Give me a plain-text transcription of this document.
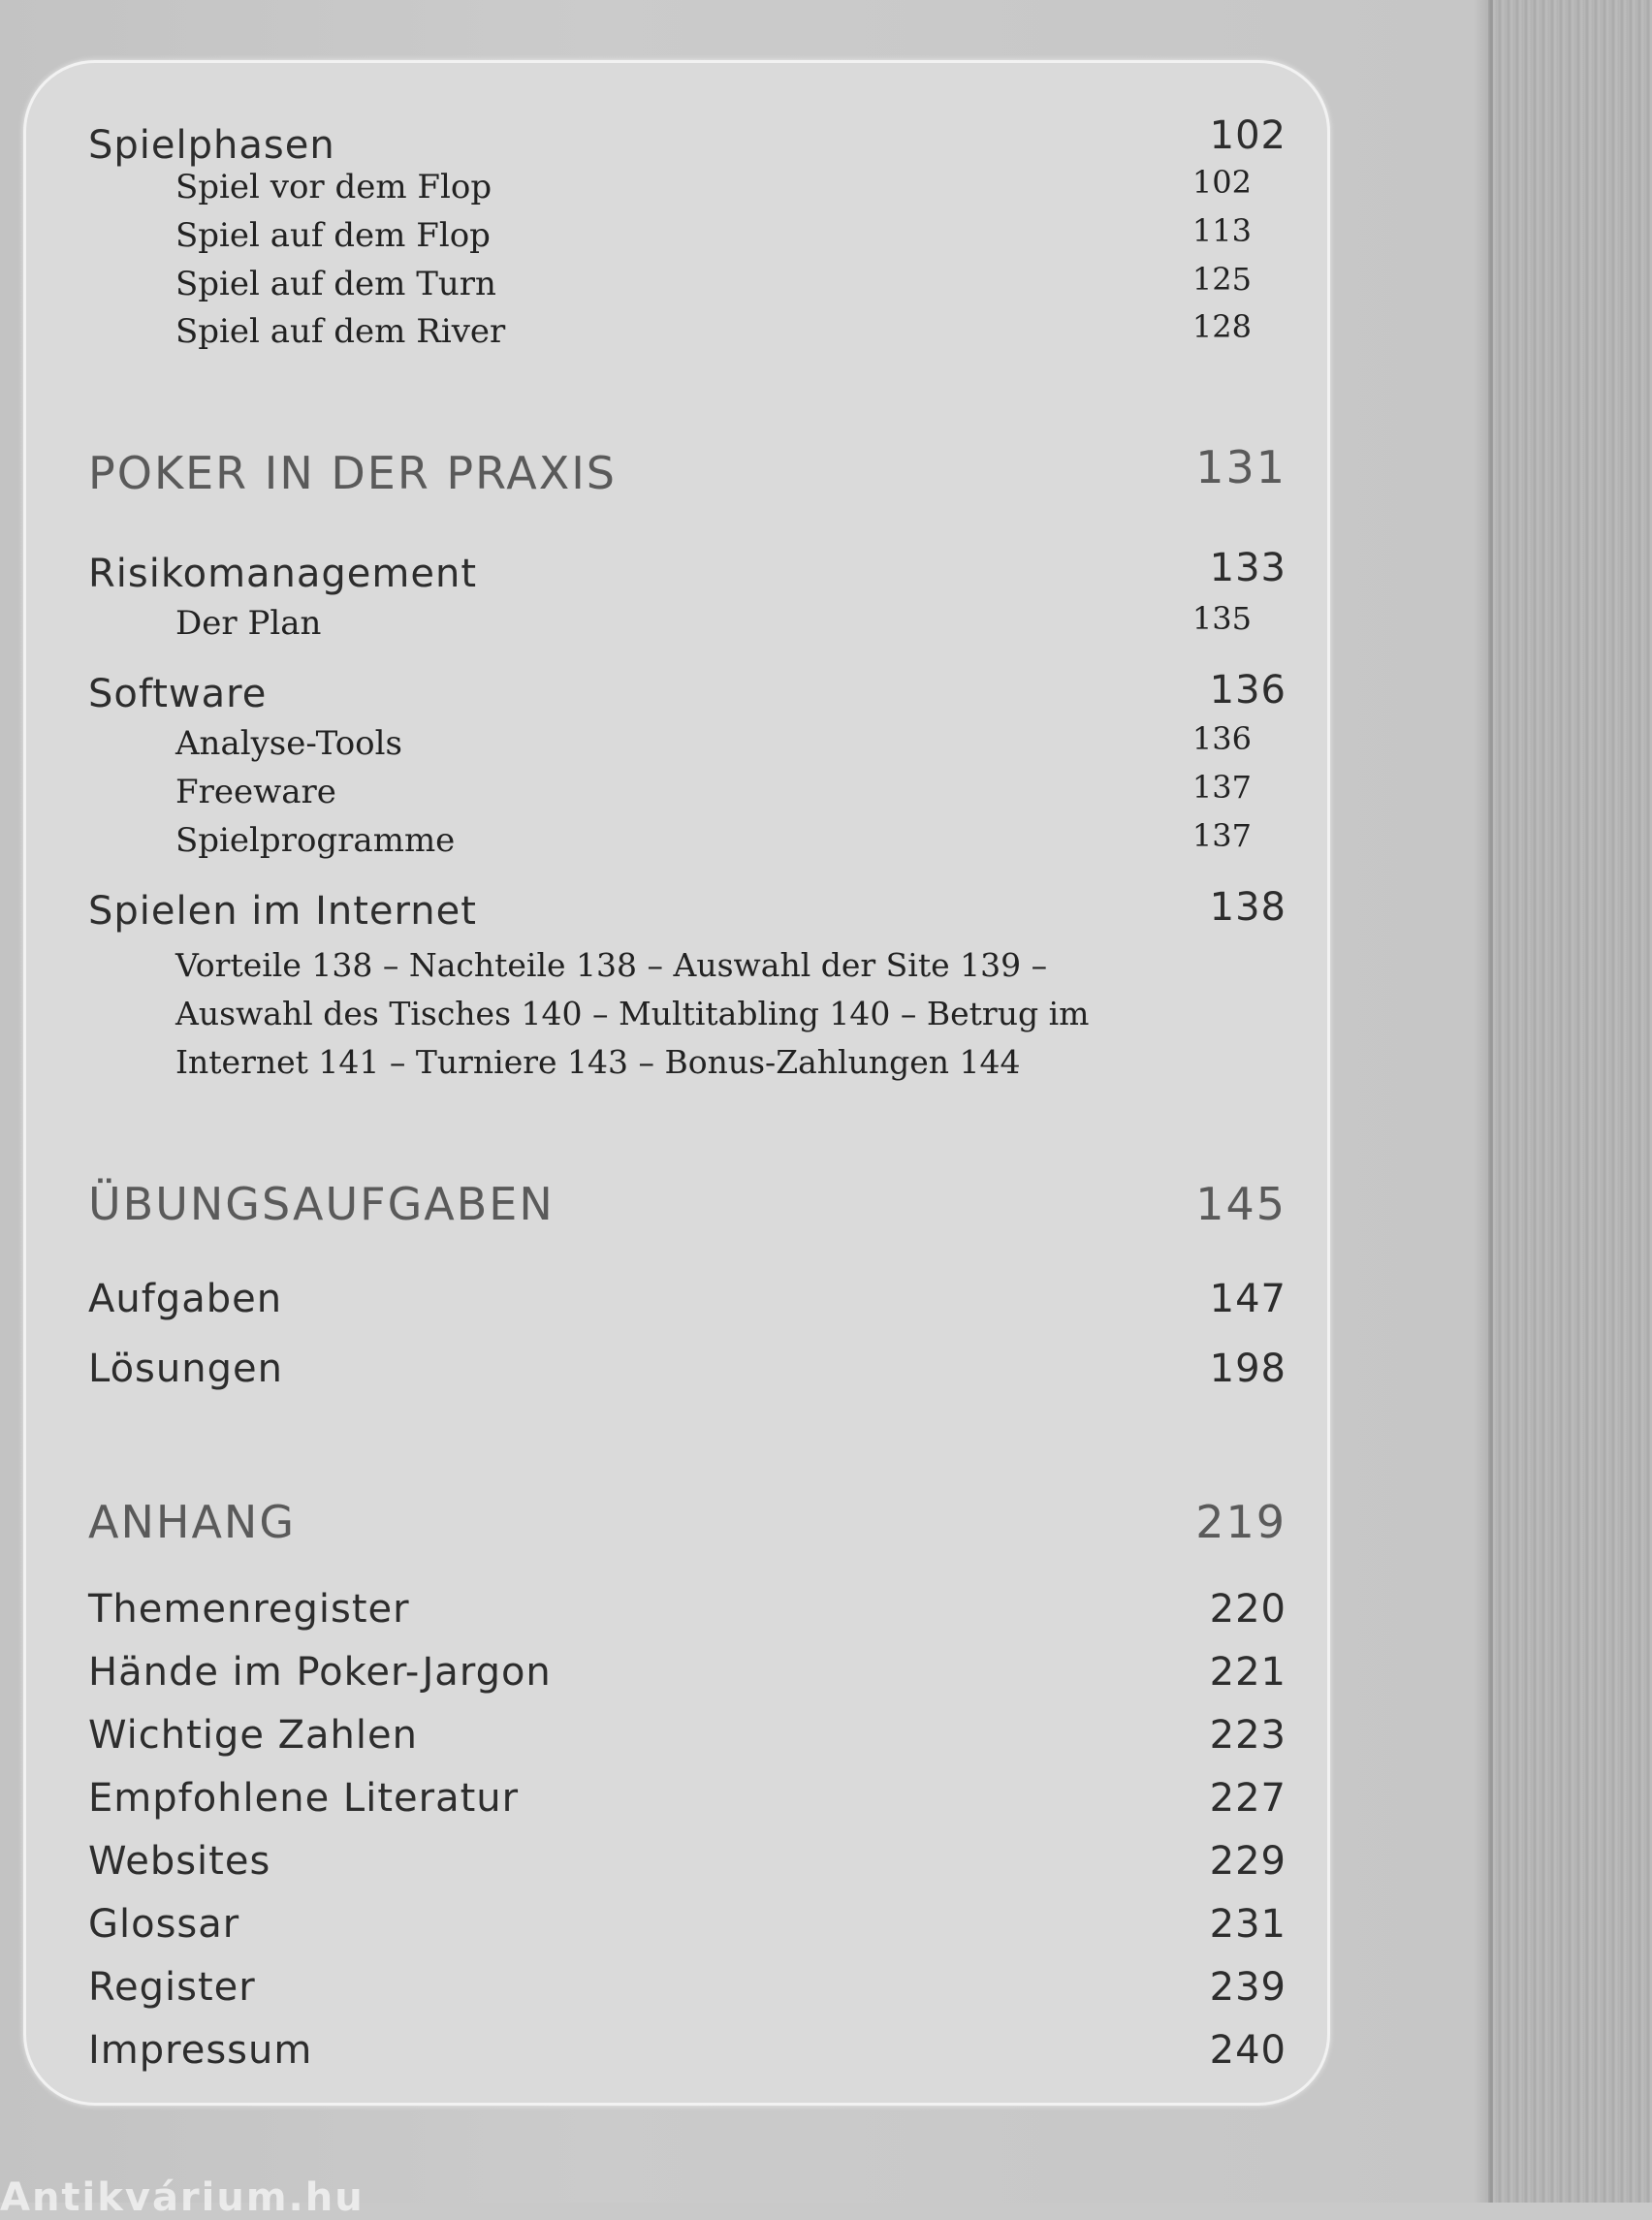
Spielphasen	102
Spiel vor dem Flop	102
Spiel auf dem Flop	113
Spiel auf dem Turn	125
Spiel auf dem River	128
POKER IN DER PRAXIS	131
Risikomanagement	133
Der Plan	135
Software	136
Analyse-Tools	136
Freeware	137
Spielprogramme	137
Spielen im Internet	138
Vorteile 138 – Nachteile 138 – Auswahl der Site 139 –
Auswahl des Tisches 140 – Multitabling 140 – Betrug im
Internet 141 – Turniere 143 – Bonus-Zahlungen 144
ÜBUNGSAUFGABEN	145
Aufgaben	147
Lösungen	198
ANHANG	219
Themenregister	220
Hände im Poker-Jargon	221
Wichtige Zahlen	223
Empfohlene Literatur	227
Websites	229
Glossar	231
Register	239
Impressum	240
Antikvárium.hu
